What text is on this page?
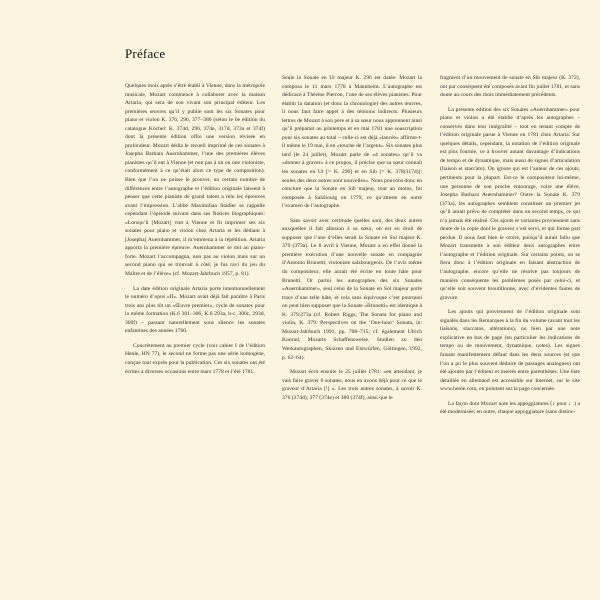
Préface

Quelques mois après s’être établi à Vienne, dans la métropole musicale, Mozart commence à collaborer avec la maison Artaria, qui sera de son vivant son principal éditeur. Les premières œuvres qu’il y publie sont les six Sonates pour piano et violon K. 376, 296, 377–380 (selon le 6e édition du catalogue Köchel: K. 374d, 296, 374e, 317d, 373a et 374f) dont la présente édition offre une version révisée en profondeur. Mozart dédia le recueil imprimé de ces sonates à Josepha Barbara Auernhammer, l’une des premières élèves pianistes qu’il eut à Vienne (et non pas à un ou une violoniste, conformément à ce qu’était alors ce type de composition). Bien que l’on ne puisse le prouver, un certain nombre de différences entre l’autographe et l’édition originale laissent à penser que cette pianiste de grand talent a relu les épreuves avant l’impression. L’abbé Maximilian Stadler se rappelle cependant l’épisode suivant dans ses Notices biographiques: «Lorsqu’il [Mozart] vint à Vienne et fit imprimer ses six sonates pour piano et violon chez Artaria et les dédiant à [Josepha] Auernhammer, il m’emmena à la répétition. Artaria apporta la première épreuve. Auernhammer se mit au piano-forte. Mozart l’accompagna, non pas au violon mais sur un second piano qui se trouvait à côté; je fus ravi du jeu du Maître et de l’élève» (cf. Mozart-Jahrbuch 1957, p. 81).

La date édition originale Artaria porte intentionnellement le numéro d’opus «II». Mozart avait déjà fait paraître à Paris trois ans plus tôt un «Œuvre premier», cycle de sonates pour la même formation (K.6 301–306, K.6 293a, b-c, 300c, 293d, 300l) – passant naturellement sous silence les sonates enfantines des années 1760.

Concrètement au premier cycle (voir cahier I de l’édition Henle, HN 77), le second ne forme pas une série homogène, conçue tout exprès pour la publication. Ces six sonates ont été écrites à diverses occasions entre mars 1778 et l’été 1781.

Seule la Sonate en Ut majeur K. 296 est datée: Mozart la composa le 11 mars 1778 à Mannheim. L’autographe est dédicacé à Thérèse Pierron, l’une de ses élèves pianistes. Pour établir la datation (et donc la chronologie) des autres œuvres, il nous faut faire appel à des témoins indirects. Plusieurs lettres de Mozart à son père et à sa sœur nous apprennent ainsi qu’il préparait au printemps et en mai 1781 une souscription pour six sonates au total – celle-ci est déjà «lancée» affirme-t-il même le 19 mai, il en «touche de l’argent». Six sonates plus tard (le 24 juillet), Mozart parle de «4 sonates» qu’il va «donner à graver» à ce propos, il précise que sa sœur connaît les sonates en Ut [= K. 296] et en Sib [= K. 378(317d)]: seules des deux autres sont nouvelles». Nous pouvons donc en conclure que la Sonate en Sib majeur, tout au moins, fut composée à Salzbourg en 1779, ce qu’atteste en outre l’examen de l’autographe.

Sans savoir avec certitude quelles sont, des deux autres auxquelles il fait allusion à sa sœur, on est en droit de supposer que l’une d’elles serait la Sonate en Sol majeur K. 379 (373a). Le 8 avril à Vienne, Mozart a en effet donné la première exécution d’une nouvelle sonate en compagnie d’Antonio Brunetti, violoniste salzbourgeois. De l’avis même du compositeur, elle aurait été écrite en toute hâte pour Brunetti. Or parmi les autographes des six Sonates «Auernhammer», seul celui de la Sonate en Sol majeur porte trace d’une telle hâte, et cela sans équivoque c’est pourquoi on peut bien supposer que la Sonate «Brunetti» est identique à K. 379/373a (cf. Robert Riggs, The Sonata for piano and violin, K. 379. Perspectives on the ‘One-hour’ Sonata, in: Mozart-Jahrbuch 1991, pp. 708–715; cf. également Ulrich Konrad, Mozarts Schaffensweise. Studien zu den Werkautographen, Skizzen und Entwürfen, Göttingen, 1992, p. 62–64).

Mozart écrit ensuite le 25 juillet 1781: «en attendant, je vais faire graver 6 sonates, nous en avons déjà pour ce que le graveur d’Artaria [!] ». Les trois autres sonates, à savoir K. 376 (374d), 377 (374e) et 380 (374f), ainsi que le

fragment d’un mouvement de sonate en Sib majeur (K. 372), ont par conséquent été composés avant fin juillet 1781, et sans doute au cours des mois immédiatement précédents.

La présente édition des six Sonates «Auernhammer» pour piano et violon a été établie d’après les autographes – conservés dans leur intégralité – tout en tenant compte de l’édition originale parue à Vienne en 1781 chez Artaria. Sur quelques détails, cependant, la notation de l’édition originale est plus fournie, ce à trouver autant davantage d’indications de tempo et de dynamique, mais aussi de signes d’articulation (liaison et staccato). On ignore qui est l’auteur de ces ajouts, pertinents pour la plupart. Est-ce le compositeur lui-même, une personne de son proche entourage, voire une élève, Josepha Barbara Auernhammer? Outre la Sonate K. 379 (373a), les autographes semblent constituer un premier jet qu’il aurait prévu de compléter dans un second temps, ce qui n’a jamais été réalisé. Ces ajouts et variantes proviennent sans doute de la copie dont le graveur s’est servi, et qui forme part perdue. Il nous faut bien le croire, puisqu’il aurait fallu que Mozart transmette à son éditeur deux autographes entre l’autographe et l’édition originale. Sur certains points, on se fiera donc à l’édition originale en faisant abstraction de l’autographe, encore qu’elle ne résolve pas toujours de manière conséquente les problèmes posés par celui-ci, et qu’elle soit souvent broutillonne, avec d’évidentes fautes de gravure.

Les ajouts qui proviennent de l’édition originale sont signalés dans les Remarques à la fin du volume (avant tout les liaisons, staccatos, altérations), ou bien par une note explicative en bas de page (en particulier les indications de tempo ou de mouvement, dynamique, notes). Les signes faisant manifestement défaut dans les deux sources (et que l’on a pu le plus souvent déduire de passages analogues) ont été ajoutés par l’éditeur et insérés entre parenthèses. Une liste détaillée en allemand est accessible sur Internet, sur le site www.henle.com, en pointant sur la page concernée.

La façon dont Mozart note les appoggiatures (♪ pour ♩) a été modernisée; en outre, chaque appoggiature (sans distinc-
